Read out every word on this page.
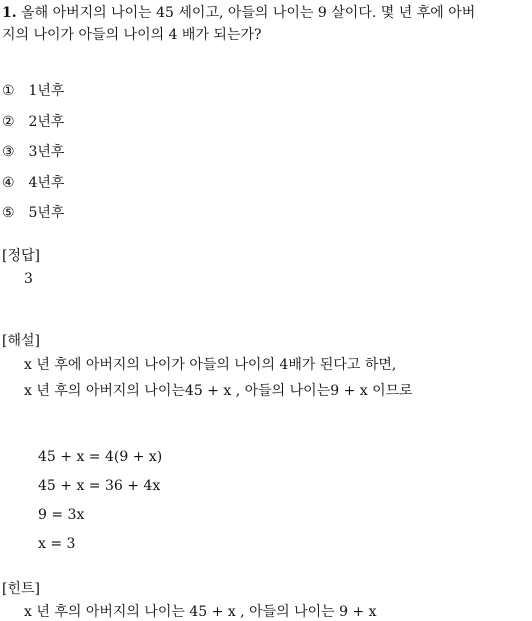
1. 올해 아버지의 나이는 45 세이고, 아들의 나이는 9 살이다. 몇 년 후에 아버
지의 나이가 아들의 나이의 4 배가 되는가?
① 1년후
② 2년후
③ 3년후
④ 4년후
⑤ 5년후
[정답]
3
[해설]
x 년 후에 아버지의 나이가 아들의 나이의 4배가 된다고 하면,
x 년 후의 아버지의 나이는45 + x , 아들의 나이는9 + x 이므로
45 + x = 4(9 + x)
45 + x = 36 + 4x
9 = 3x
x = 3
[힌트]
x 년 후의 아버지의 나이는 45 + x , 아들의 나이는 9 + x
